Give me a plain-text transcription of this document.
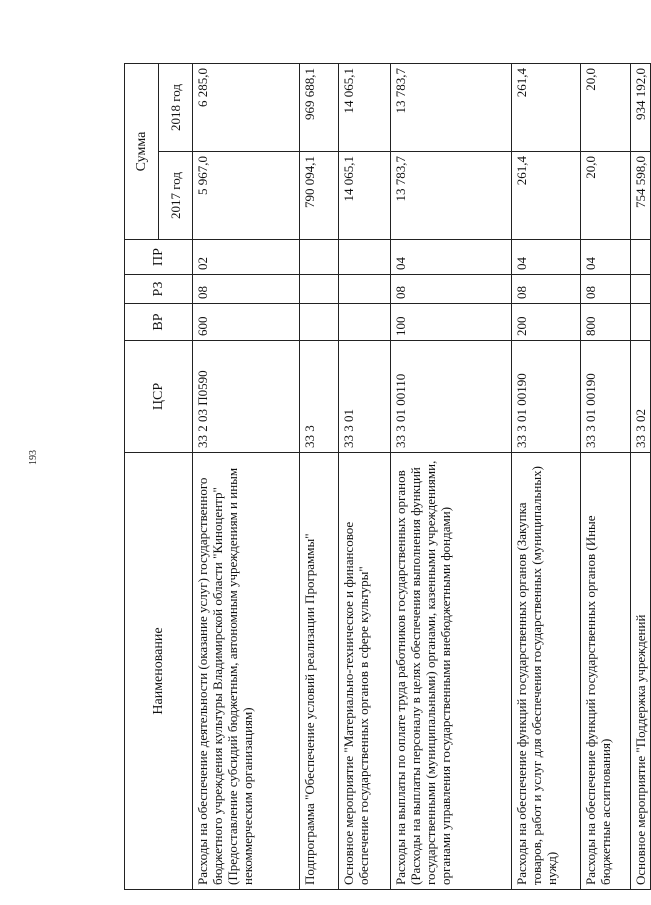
193
Наименование	ЦСР	ВР	РЗ	ПР	Сумма	
					2017 год	2018 год
Расходы на обеспечение деятельности (оказание услуг) государственного бюджетного учреждения культуры Владимирской области "Киноцентр" (Предоставление субсидий бюджетным, автономным учреждениям и иным некоммерческим организациям)	33 2 03 П0590	600	08	02	5 967,0	6 285,0
Подпрограмма "Обеспечение условий реализации Программы"	33 3				790 094,1	969 688,1
Основное мероприятие "Материально-техническое и финансовое обеспечение государственных органов в сфере культуры"	33 3 01				14 065,1	14 065,1
Расходы на выплаты по оплате труда работников государственных органов (Расходы на выплаты персоналу в целях обеспечения выполнения функций государственными (муниципальными) органами, казенными учреждениями, органами управления государственными внебюджетными фондами)	33 3 01 00110	100	08	04	13 783,7	13 783,7
Расходы на обеспечение функций государственных органов (Закупка товаров, работ и услуг для обеспечения государственных (муниципальных) нужд)	33 3 01 00190	200	08	04	261,4	261,4
Расходы на обеспечение функций государственных органов (Иные бюджетные ассигнования)	33 3 01 00190	800	08	04	20,0	20,0
Основное мероприятие "Поддержка учреждений	33 3 02				754 598,0	934 192,0
